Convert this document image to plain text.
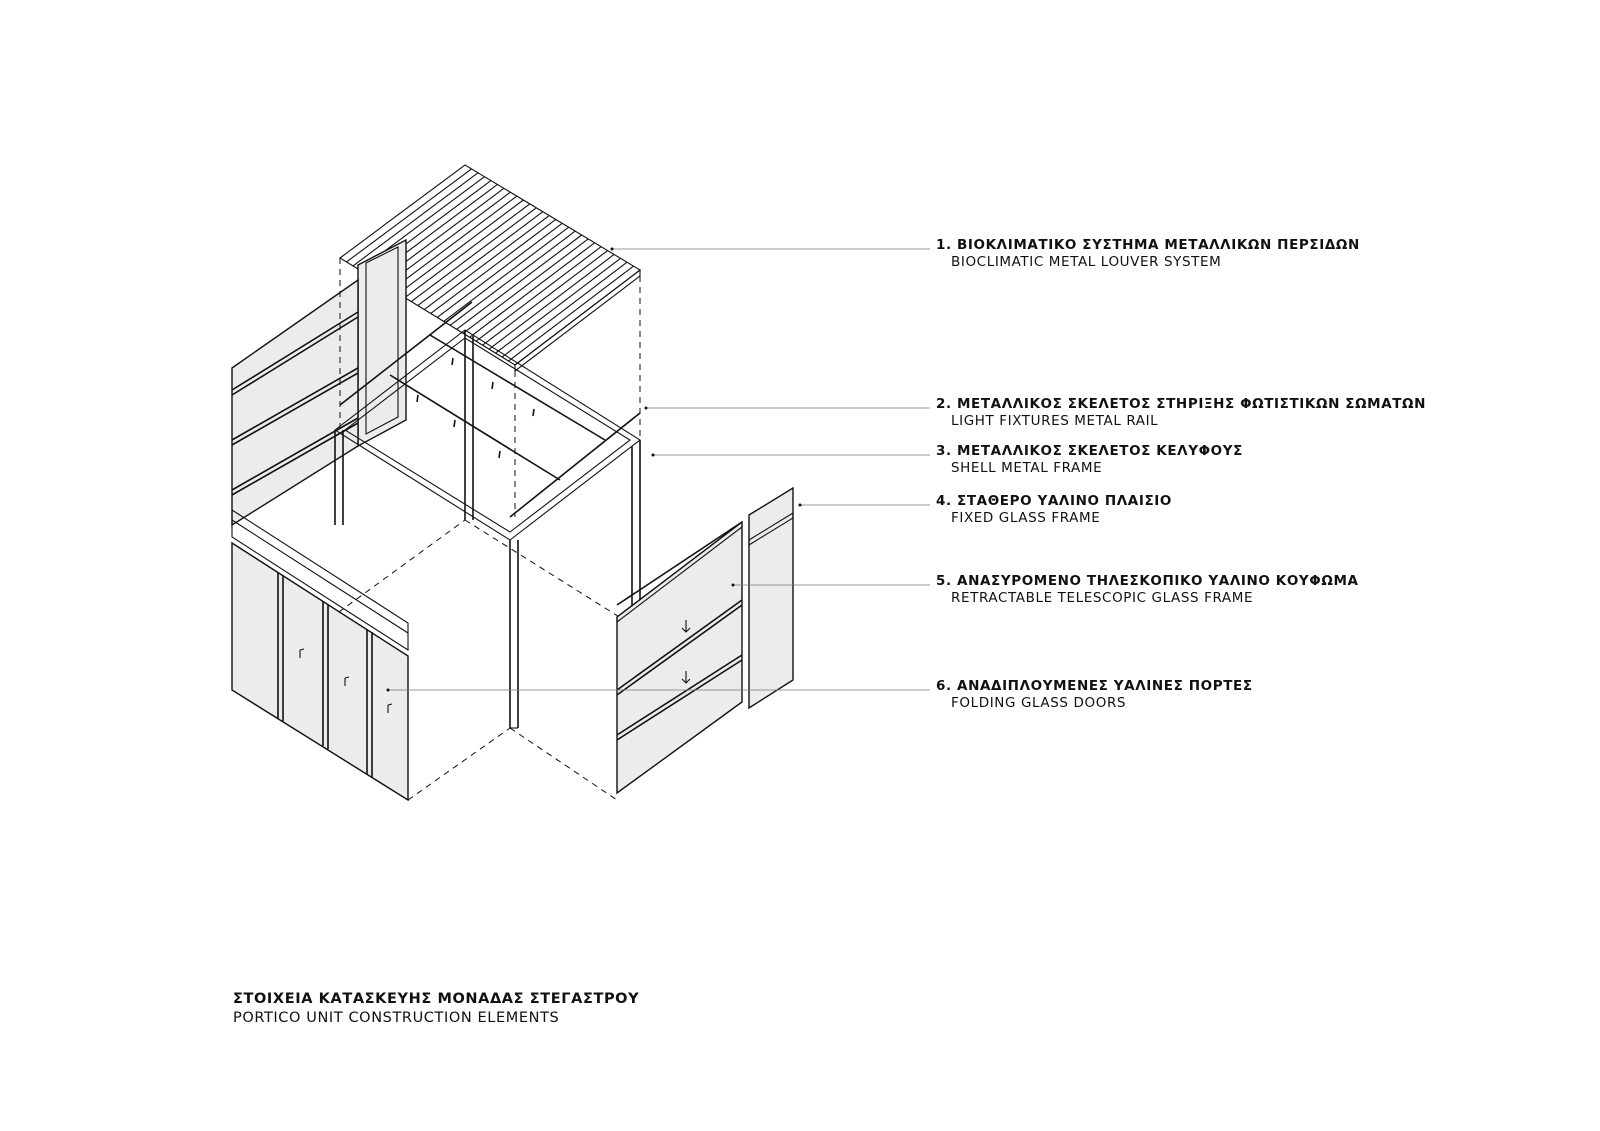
1. ΒΙΟΚΛΙΜΑΤΙΚΟ ΣΥΣΤΗΜΑ ΜΕΤΑΛΛΙΚΩΝ ΠΕΡΣΙΔΩΝ
BIOCLIMATIC METAL LOUVER SYSTEM
2. ΜΕΤΑΛΛΙΚΟΣ ΣΚΕΛΕΤΟΣ ΣΤΗΡΙΞΗΣ ΦΩΤΙΣΤΙΚΩΝ ΣΩΜΑΤΩΝ
LIGHT FIXTURES METAL RAIL
3. ΜΕΤΑΛΛΙΚΟΣ ΣΚΕΛΕΤΟΣ ΚΕΛΥΦΟΥΣ
SHELL METAL FRAME
4. ΣΤΑΘΕΡΟ ΥΑΛΙΝΟ ΠΛΑΙΣΙΟ
FIXED GLASS FRAME
5. ΑΝΑΣΥΡΟΜΕΝΟ ΤΗΛΕΣΚΟΠΙΚΟ ΥΑΛΙΝΟ ΚΟΥΦΩΜΑ
RETRACTABLE TELESCOPIC GLASS FRAME
6. ΑΝΑΔΙΠΛΟΥΜΕΝΕΣ ΥΑΛΙΝΕΣ ΠΟΡΤΕΣ
FOLDING GLASS DOORS
ΣΤΟΙΧΕΙΑ ΚΑΤΑΣΚΕΥΗΣ ΜΟΝΑΔΑΣ ΣΤΕΓΑΣΤΡΟΥ
PORTICO UNIT CONSTRUCTION ELEMENTS
